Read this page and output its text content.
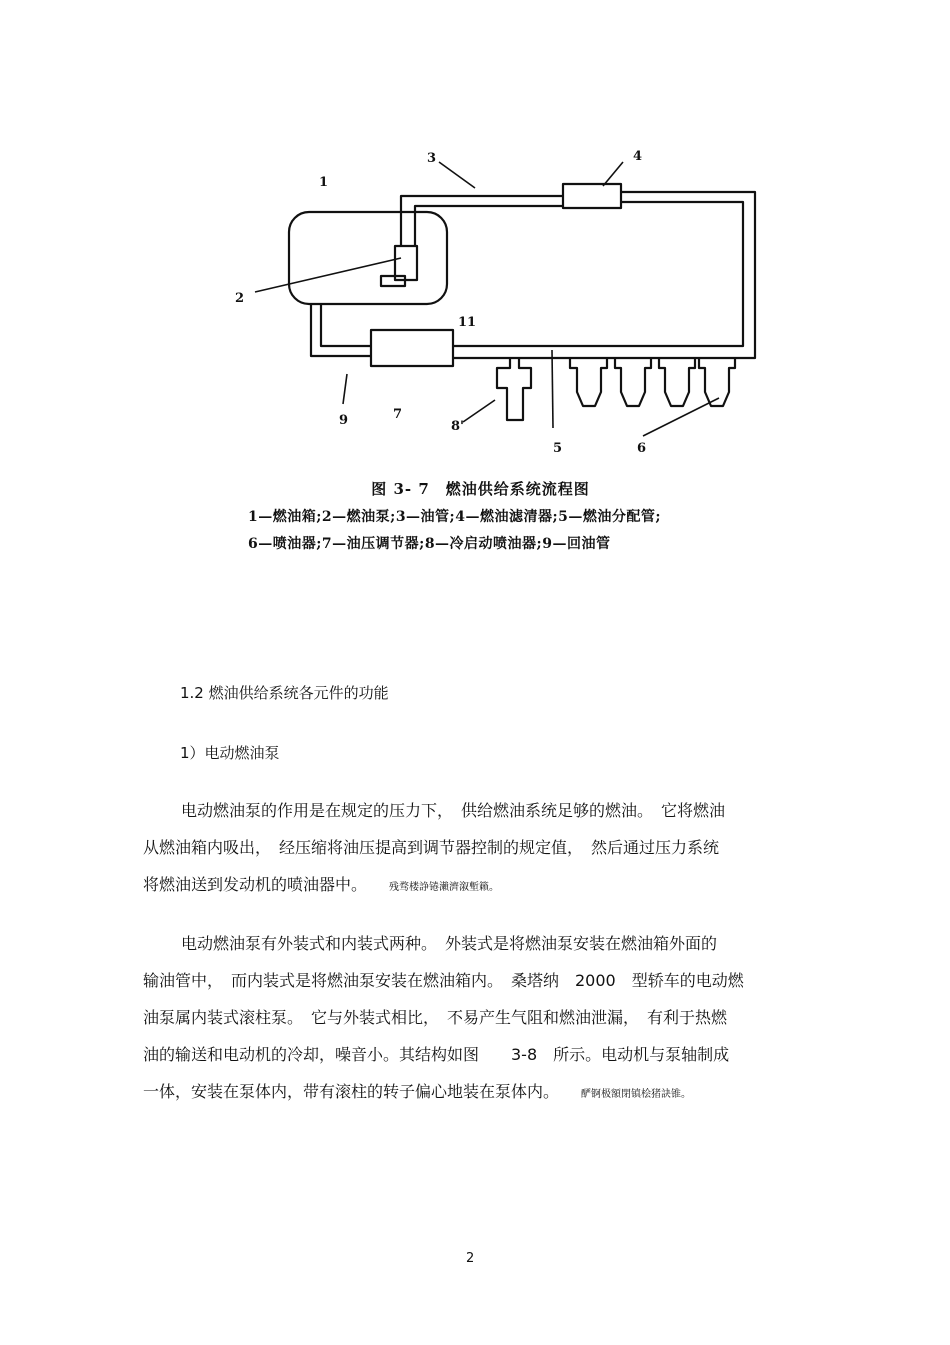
1
2
3	4
5	6
7
8'
9
11
图 3- 7　燃油供给系统流程图
1—燃油箱;2—燃油泵;3—油管;4—燃油滤清器;5—燃油分配管;
6—喷油器;7—油压调节器;8—冷启动喷油器;9—回油管
1.2 燃油供给系统各元件的功能
1）电动燃油泵
电动燃油泵的作用是在规定的压力下，　供给燃油系统足够的燃油。　它将燃油
从燃油箱内吸出，　经压缩将油压提高到调节器控制的规定值，　然后通过压力系统
将燃油送到发动机的喷油器中。 残骛楼諍锩瀨濟溆塹籟。
电动燃油泵有外装式和内装式两种。　外装式是将燃油泵安装在燃油箱外面的
输油管中，　而内装式是将燃油泵安装在燃油箱内。　桑塔纳　2000　型轿车的电动燃
油泵属内装式滚柱泵。　它与外装式相比，　不易产生气阻和燃油泄漏，　有利于热燃
油的输送和电动机的冷却，噪音小。其结构如图　　3-8　所示。电动机与泵轴制成
一体，安装在泵体内，带有滚柱的转子偏心地装在泵体内。 酽锕极額閉镇桧猪訣锥。
2
